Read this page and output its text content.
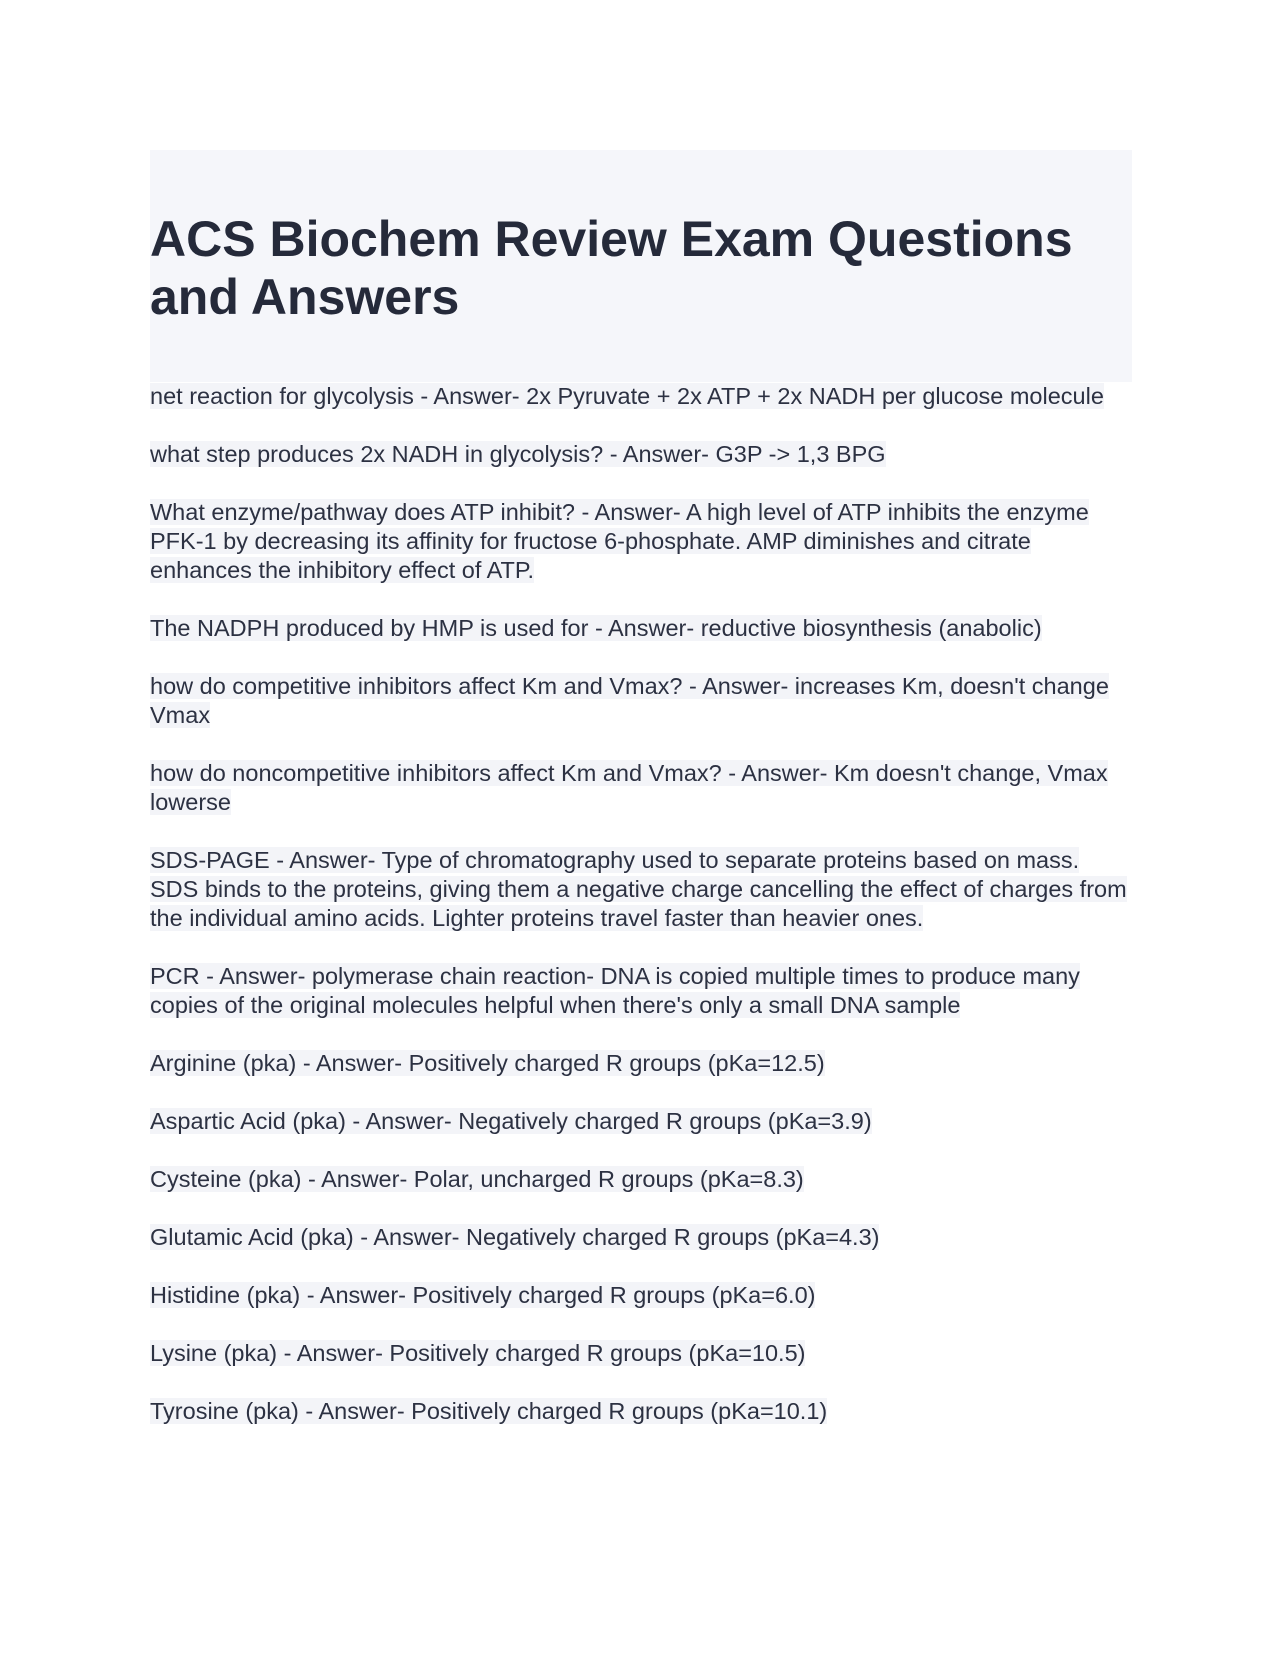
ACS Biochem Review Exam Questions and Answers

net reaction for glycolysis - Answer- 2x Pyruvate + 2x ATP + 2x NADH per glucose molecule

what step produces 2x NADH in glycolysis? - Answer- G3P -> 1,3 BPG

What enzyme/pathway does ATP inhibit? - Answer- A high level of ATP inhibits the enzyme PFK-1 by decreasing its affinity for fructose 6-phosphate. AMP diminishes and citrate enhances the inhibitory effect of ATP.

The NADPH produced by HMP is used for - Answer- reductive biosynthesis (anabolic)

how do competitive inhibitors affect Km and Vmax? - Answer- increases Km, doesn't change Vmax

how do noncompetitive inhibitors affect Km and Vmax? - Answer- Km doesn't change, Vmax lowerse

SDS-PAGE - Answer- Type of chromatography used to separate proteins based on mass. SDS binds to the proteins, giving them a negative charge cancelling the effect of charges from the individual amino acids. Lighter proteins travel faster than heavier ones.

PCR - Answer- polymerase chain reaction- DNA is copied multiple times to produce many copies of the original molecules helpful when there's only a small DNA sample

Arginine (pka) - Answer- Positively charged R groups (pKa=12.5)

Aspartic Acid (pka) - Answer- Negatively charged R groups (pKa=3.9)

Cysteine (pka) - Answer- Polar, uncharged R groups (pKa=8.3)

Glutamic Acid (pka) - Answer- Negatively charged R groups (pKa=4.3)

Histidine (pka) - Answer- Positively charged R groups (pKa=6.0)

Lysine (pka) - Answer- Positively charged R groups (pKa=10.5)

Tyrosine (pka) - Answer- Positively charged R groups (pKa=10.1)
